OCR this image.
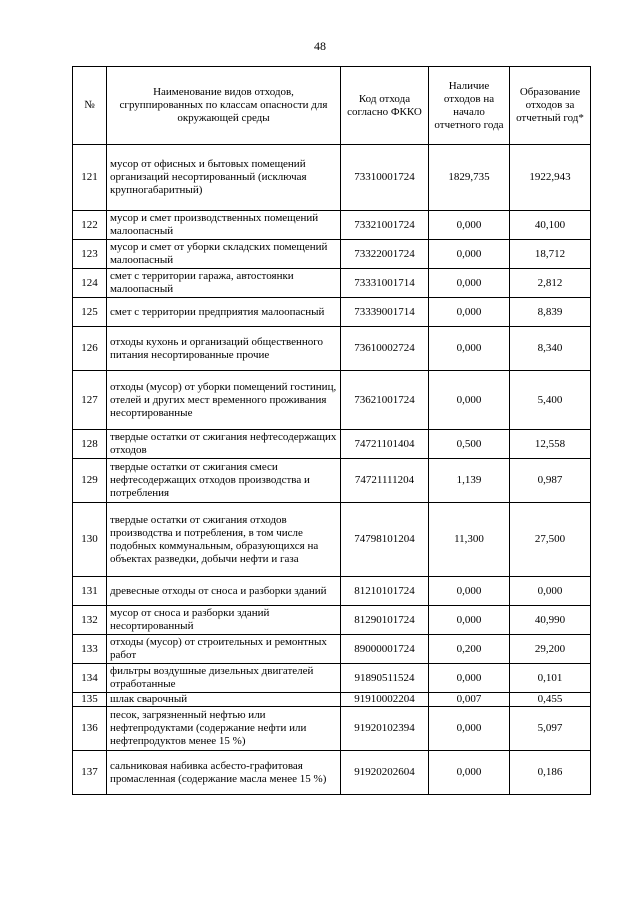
48
№	Наименование видов отходов, сгруппированных по классам опасности для окружающей среды	Код отхода согласно ФККО	Наличие отходов на начало отчетного года	Образование отходов за отчетный год*
121	мусор от офисных и бытовых помещений организаций несортированный (исключая крупногабаритный)	73310001724	1829,735	1922,943
122	мусор и смет производственных помещений малоопасный	73321001724	0,000	40,100
123	мусор и смет от уборки складских помещений малоопасный	73322001724	0,000	18,712
124	смет с территории гаража, автостоянки малоопасный	73331001714	0,000	2,812
125	смет с территории предприятия малоопасный	73339001714	0,000	8,839
126	отходы кухонь и организаций общественного питания несортированные прочие	73610002724	0,000	8,340
127	отходы (мусор) от уборки помещений гостиниц, отелей и других мест временного проживания несортированные	73621001724	0,000	5,400
128	твердые остатки от сжигания нефтесодержащих отходов	74721101404	0,500	12,558
129	твердые остатки от сжигания смеси нефтесодержащих отходов производства и потребления	74721111204	1,139	0,987
130	твердые остатки от сжигания отходов производства и потребления, в том числе подобных коммунальным, образующихся на объектах разведки, добычи нефти и газа	74798101204	11,300	27,500
131	древесные отходы от сноса и разборки зданий	81210101724	0,000	0,000
132	мусор от сноса и разборки зданий несортированный	81290101724	0,000	40,990
133	отходы (мусор) от строительных и ремонтных работ	89000001724	0,200	29,200
134	фильтры воздушные дизельных двигателей отработанные	91890511524	0,000	0,101
135	шлак сварочный	91910002204	0,007	0,455
136	песок, загрязненный нефтью или нефтепродуктами (содержание нефти или нефтепродуктов менее 15 %)	91920102394	0,000	5,097
137	сальниковая набивка асбесто-графитовая промасленная (содержание масла менее 15 %)	91920202604	0,000	0,186
